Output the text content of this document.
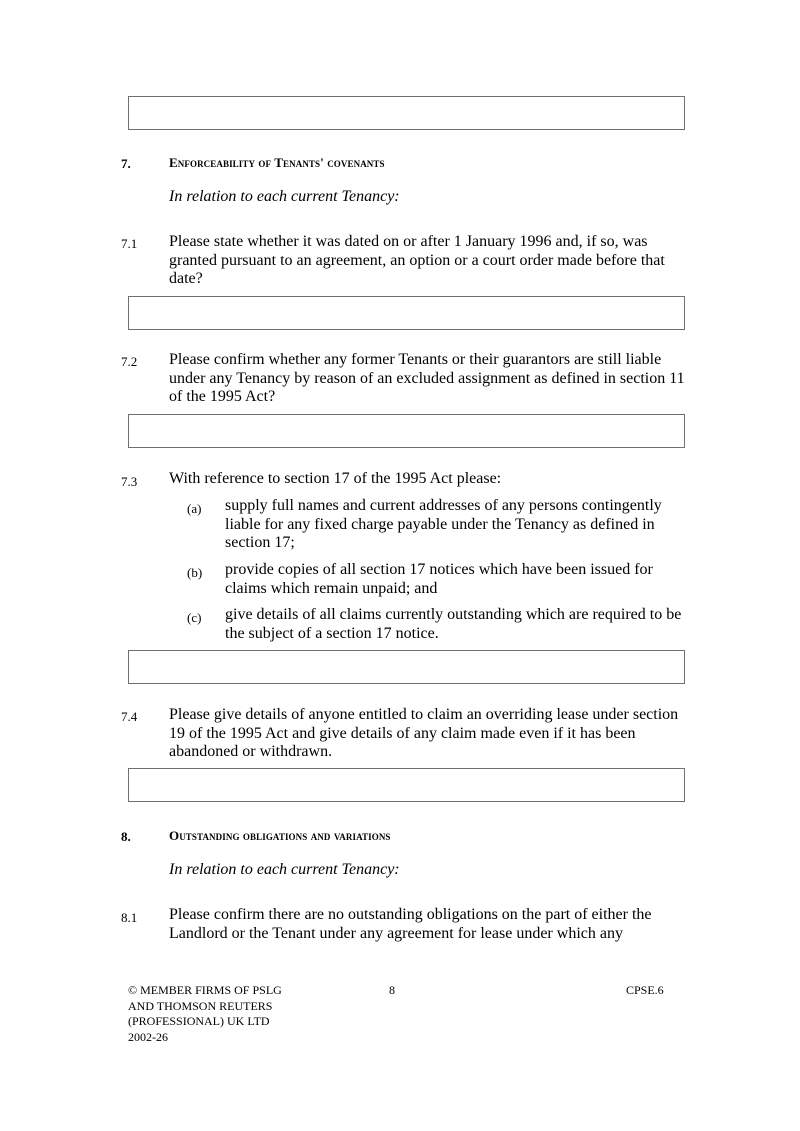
7.	Enforceability of Tenants' covenants
In relation to each current Tenancy:
7.1 Please state whether it was dated on or after 1 January 1996 and, if so, was granted pursuant to an agreement, an option or a court order made before that date?
7.2 Please confirm whether any former Tenants or their guarantors are still liable under any Tenancy by reason of an excluded assignment as defined in section 11 of the 1995 Act?
7.3 With reference to section 17 of the 1995 Act please:
(a) supply full names and current addresses of any persons contingently liable for any fixed charge payable under the Tenancy as defined in section 17;
(b) provide copies of all section 17 notices which have been issued for claims which remain unpaid; and
(c) give details of all claims currently outstanding which are required to be the subject of a section 17 notice.
7.4 Please give details of anyone entitled to claim an overriding lease under section 19 of the 1995 Act and give details of any claim made even if it has been abandoned or withdrawn.
8.	Outstanding obligations and variations
In relation to each current Tenancy:
8.1 Please confirm there are no outstanding obligations on the part of either the Landlord or the Tenant under any agreement for lease under which any
© MEMBER FIRMS OF PSLG AND THOMSON REUTERS (PROFESSIONAL) UK LTD 2002-26
8	CPSE.6
